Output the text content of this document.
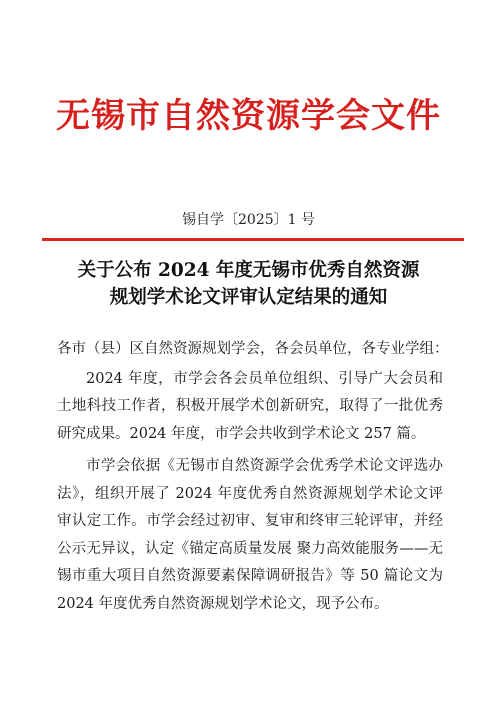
无锡市自然资源学会文件
锡自学〔2025〕1 号
关于公布 2024 年度无锡市优秀自然资源
规划学术论文评审认定结果的通知

各市（县）区自然资源规划学会，各会员单位，各专业学组：

2024 年度，市学会各会员单位组织、引导广大会员和土地科技工作者，积极开展学术创新研究，取得了一批优秀研究成果。2024 年度，市学会共收到学术论文 257 篇。

市学会依据《无锡市自然资源学会优秀学术论文评选办法》，组织开展了 2024 年度优秀自然资源规划学术论文评审认定工作。市学会经过初审、复审和终审三轮评审，并经公示无异议，认定《锚定高质量发展 聚力高效能服务——无锡市重大项目自然资源要素保障调研报告》等 50 篇论文为 2024 年度优秀自然资源规划学术论文，现予公布。
